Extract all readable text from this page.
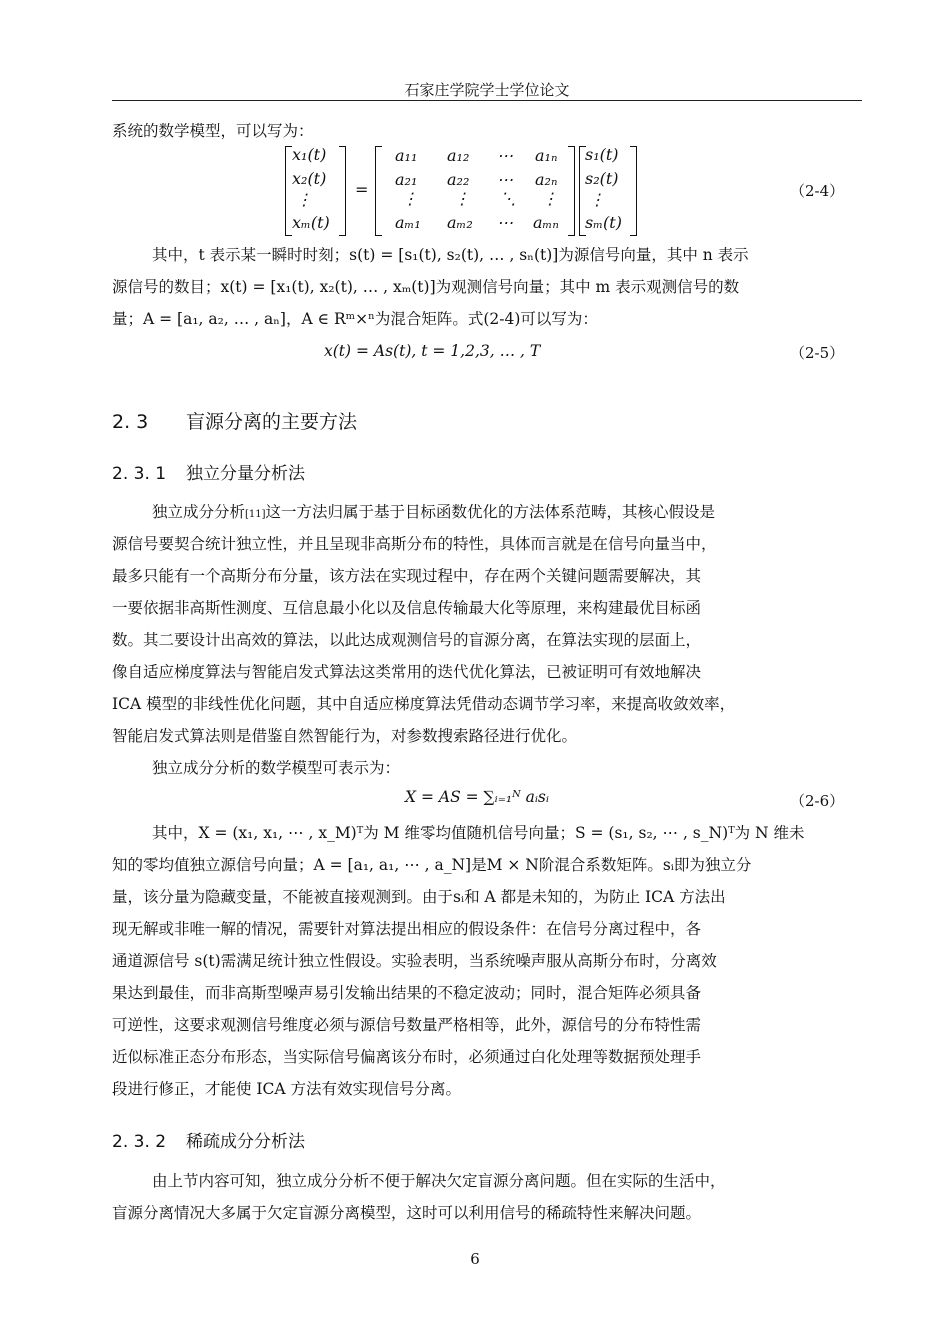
石家庄学院学士学位论文
系统的数学模型，可以写为：
x₁(t)
x₂(t)
⋮
xₘ(t)
=
a₁₁ a₁₂ ⋯ a₁ₙ
a₂₁ a₂₂ ⋯ a₂ₙ
⋮ ⋮ ⋱ ⋮
aₘ₁ aₘ₂ ⋯ aₘₙ
s₁(t)
s₂(t)
⋮
sₘ(t)
（2-4）
其中，t 表示某一瞬时时刻；s(t) = [s₁(t), s₂(t), … , sₙ(t)]为源信号向量，其中 n 表示
源信号的数目；x(t) = [x₁(t), x₂(t), … , xₘ(t)]为观测信号向量；其中 m 表示观测信号的数
量；A = [a₁, a₂, … , aₙ]，A ∈ Rᵐ×ⁿ为混合矩阵。式(2-4)可以写为：
x(t) = As(t), t = 1,2,3, … , T	（2-5）
2. 3 盲源分离的主要方法
2. 3. 1 独立分量分析法
独立成分分析[11]这一方法归属于基于目标函数优化的方法体系范畴，其核心假设是
源信号要契合统计独立性，并且呈现非高斯分布的特性，具体而言就是在信号向量当中，
最多只能有一个高斯分布分量，该方法在实现过程中，存在两个关键问题需要解决，其
一要依据非高斯性测度、互信息最小化以及信息传输最大化等原理，来构建最优目标函
数。其二要设计出高效的算法，以此达成观测信号的盲源分离，在算法实现的层面上，
像自适应梯度算法与智能启发式算法这类常用的迭代优化算法，已被证明可有效地解决
ICA 模型的非线性优化问题，其中自适应梯度算法凭借动态调节学习率，来提高收敛效率，
智能启发式算法则是借鉴自然智能行为，对参数搜索路径进行优化。
独立成分分析的数学模型可表示为：
X = AS = ∑ᵢ₌₁ᴺ aᵢsᵢ	（2-6）
其中，X = (x₁, x₁, ⋯ , x_M)ᵀ为 M 维零均值随机信号向量；S = (s₁, s₂, ⋯ , s_N)ᵀ为 N 维未
知的零均值独立源信号向量；A = [a₁, a₁, ⋯ , a_N]是M × N阶混合系数矩阵。sᵢ即为独立分
量，该分量为隐藏变量，不能被直接观测到。由于sᵢ和 A 都是未知的，为防止 ICA 方法出
现无解或非唯一解的情况，需要针对算法提出相应的假设条件：在信号分离过程中，各
通道源信号 s(t)需满足统计独立性假设。实验表明，当系统噪声服从高斯分布时，分离效
果达到最佳，而非高斯型噪声易引发输出结果的不稳定波动；同时，混合矩阵必须具备
可逆性，这要求观测信号维度必须与源信号数量严格相等，此外，源信号的分布特性需
近似标准正态分布形态，当实际信号偏离该分布时，必须通过白化处理等数据预处理手
段进行修正，才能使 ICA 方法有效实现信号分离。
2. 3. 2 稀疏成分分析法
由上节内容可知，独立成分分析不便于解决欠定盲源分离问题。但在实际的生活中，
盲源分离情况大多属于欠定盲源分离模型，这时可以利用信号的稀疏特性来解决问题。
6
